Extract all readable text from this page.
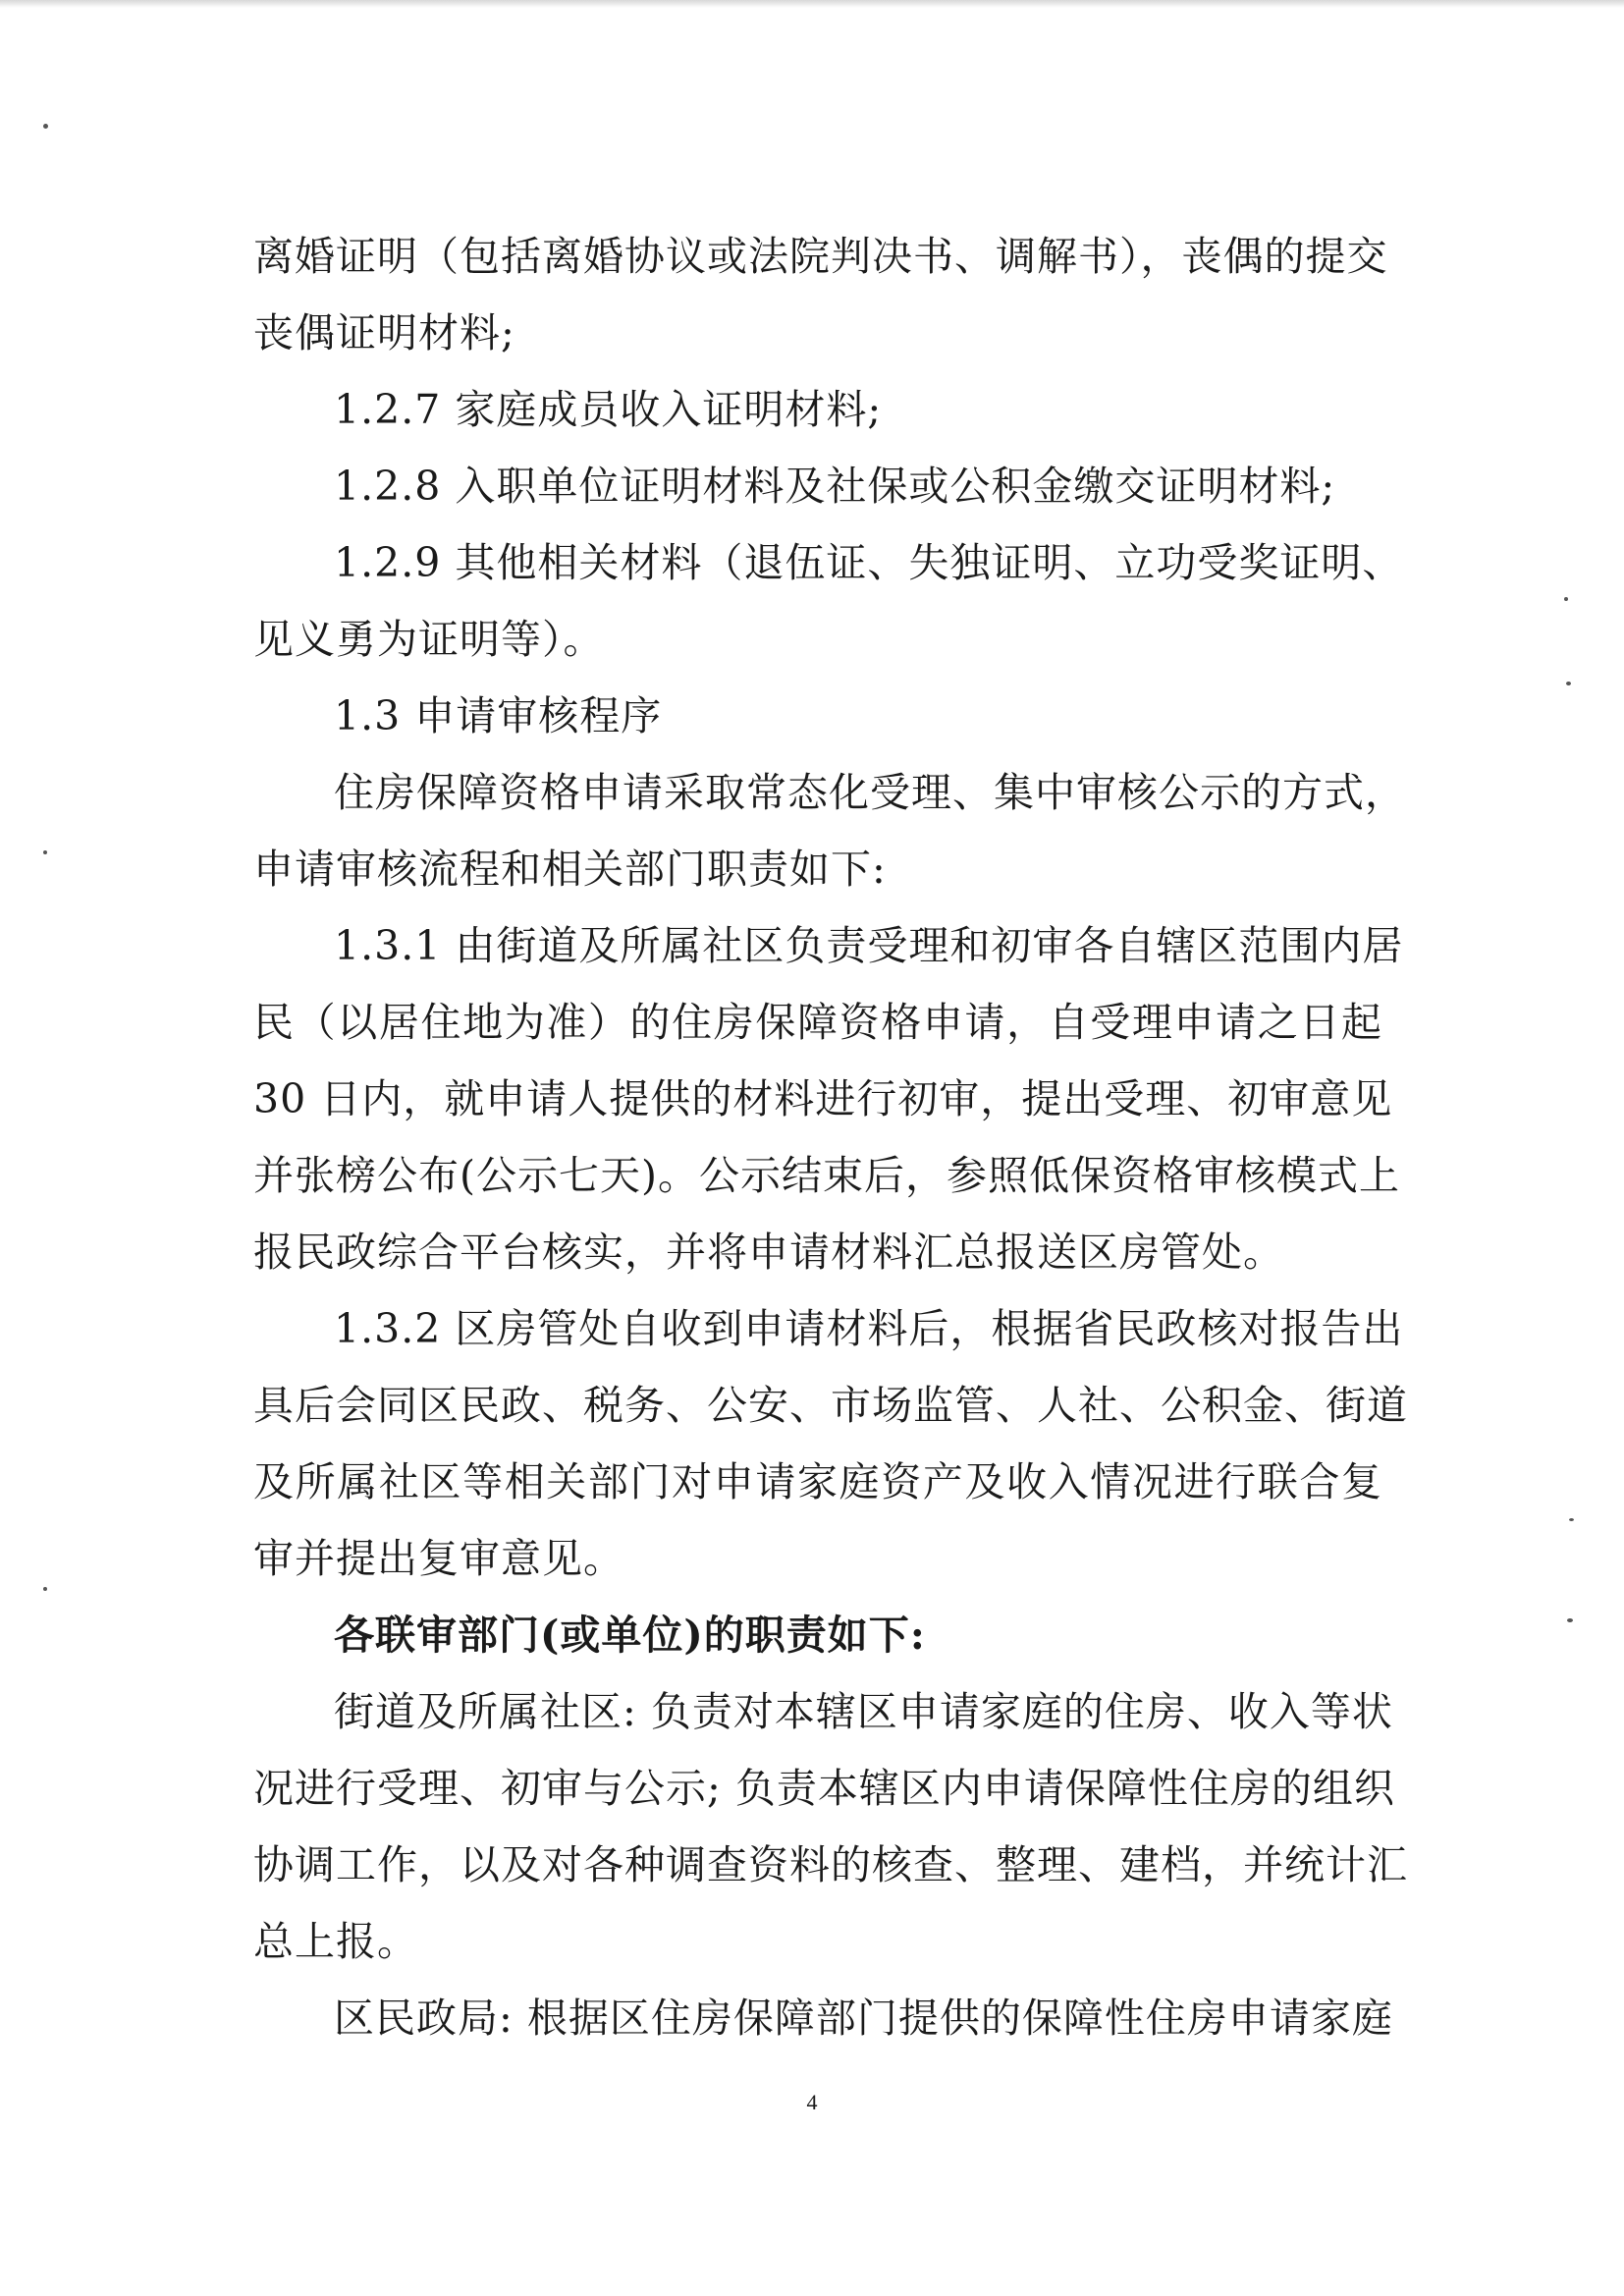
离婚证明（包括离婚协议或法院判决书、调解书），丧偶的提交
丧偶证明材料;
1.2.7 家庭成员收入证明材料;
1.2.8 入职单位证明材料及社保或公积金缴交证明材料;
1.2.9 其他相关材料（退伍证、失独证明、立功受奖证明、
见义勇为证明等）。
1.3 申请审核程序
住房保障资格申请采取常态化受理、集中审核公示的方式，
申请审核流程和相关部门职责如下:
1.3.1 由街道及所属社区负责受理和初审各自辖区范围内居
民（以居住地为准）的住房保障资格申请，自受理申请之日起
30 日内，就申请人提供的材料进行初审，提出受理、初审意见
并张榜公布(公示七天)。公示结束后，参照低保资格审核模式上
报民政综合平台核实，并将申请材料汇总报送区房管处。
1.3.2 区房管处自收到申请材料后，根据省民政核对报告出
具后会同区民政、税务、公安、市场监管、人社、公积金、街道
及所属社区等相关部门对申请家庭资产及收入情况进行联合复
审并提出复审意见。
各联审部门(或单位)的职责如下:
街道及所属社区: 负责对本辖区申请家庭的住房、收入等状
况进行受理、初审与公示; 负责本辖区内申请保障性住房的组织
协调工作，以及对各种调查资料的核查、整理、建档，并统计汇
总上报。
区民政局: 根据区住房保障部门提供的保障性住房申请家庭
4
